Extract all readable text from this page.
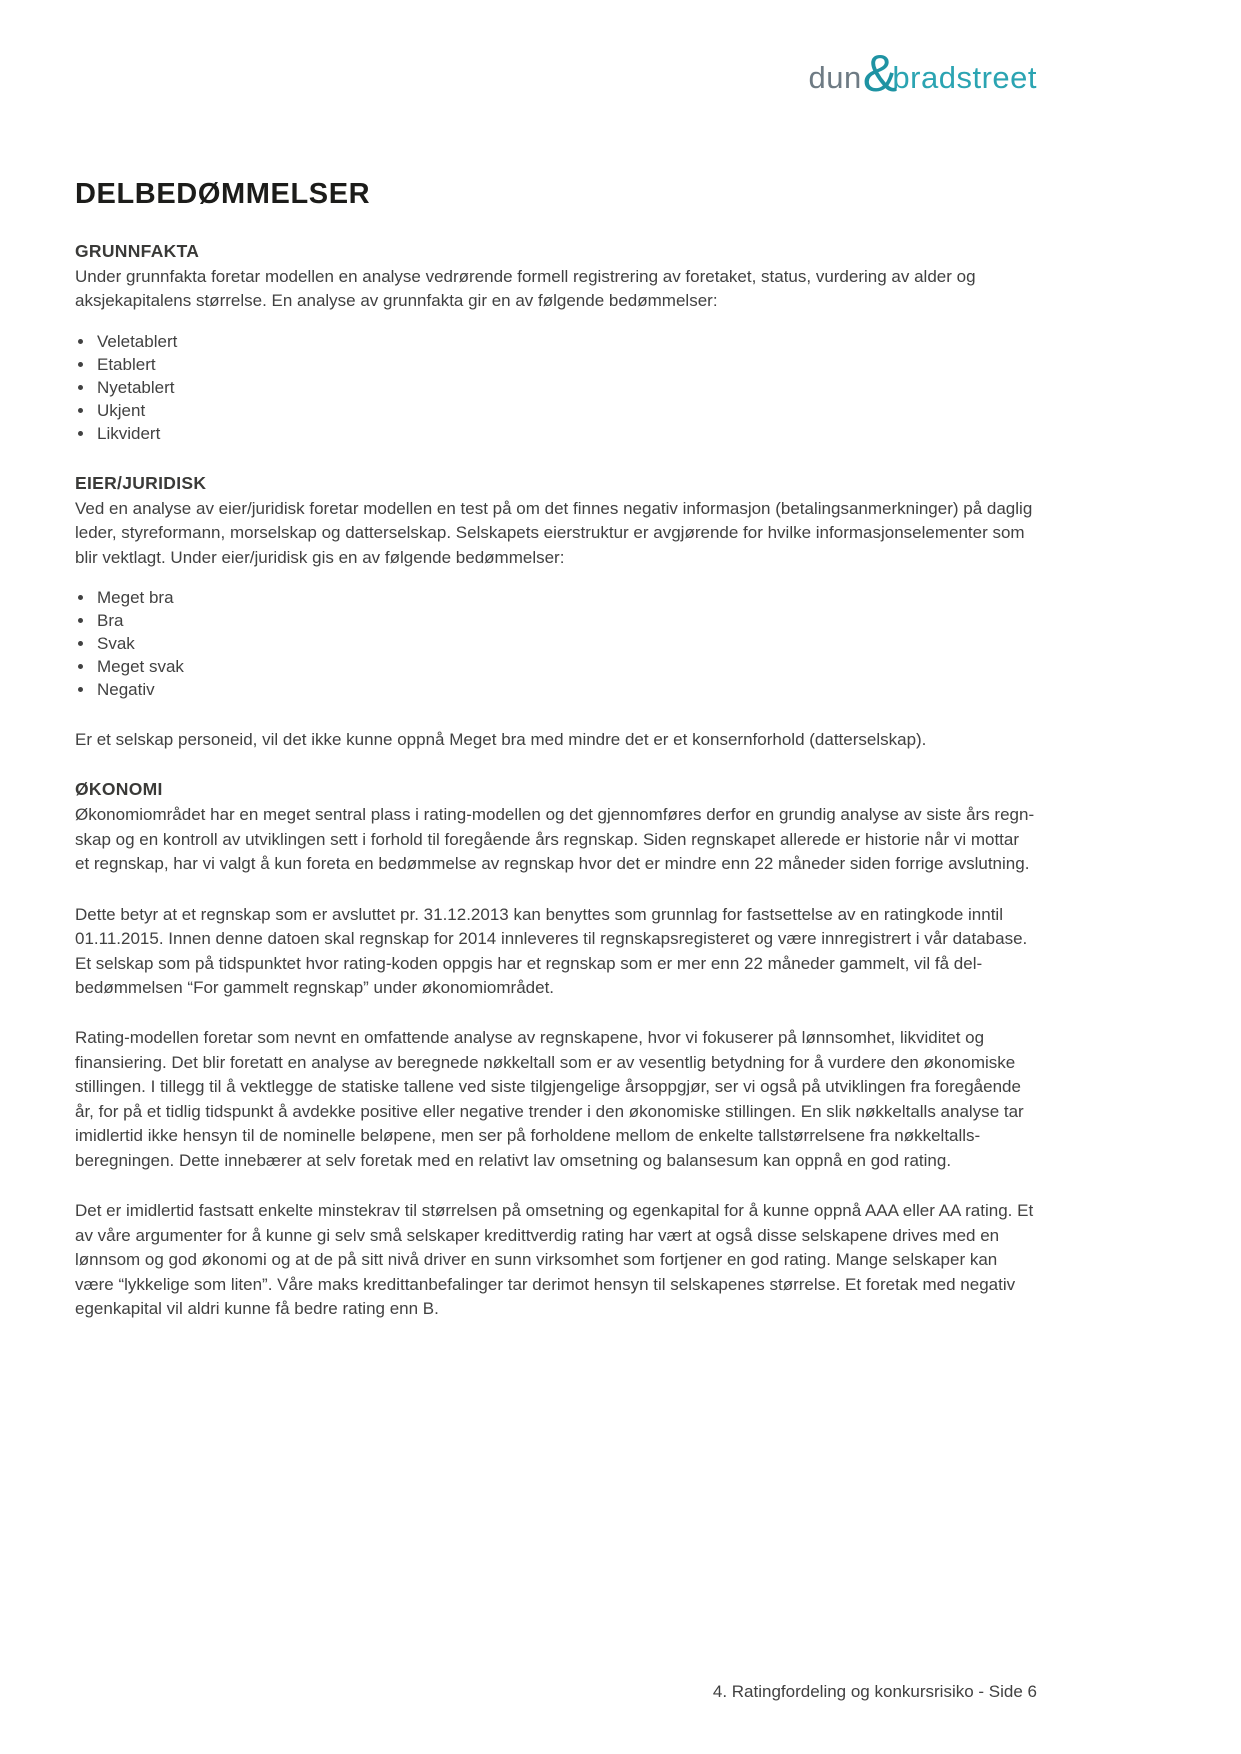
dun &
bradstreet
DELBEDØMMELSER
GRUNNFAKTA

Under grunnfakta foretar modellen en analyse vedrørende formell registrering av foretaket, status, vurdering av alder og aksjekapitalens størrelse. En analyse av grunnfakta gir en av følgende bedømmelser:

• Veletablert
• Etablert
• Nyetablert
• Ukjent
• Likvidert
EIER/JURIDISK

Ved en analyse av eier/juridisk foretar modellen en test på om det finnes negativ informasjon (betalingsanmerkninger) på daglig leder, styreformann, morselskap og datterselskap. Selskapets eierstruktur er avgjørende for hvilke informasjonselementer som blir vektlagt. Under eier/juridisk gis en av følgende bedømmelser:

• Meget bra
• Bra
• Svak
• Meget svak
• Negativ

Er et selskap personeid, vil det ikke kunne oppnå Meget bra med mindre det er et konsernforhold (datterselskap).

ØKONOMI

Økonomiområdet har en meget sentral plass i rating-modellen og det gjennomføres derfor en grundig analyse av siste års regn- skap og en kontroll av utviklingen sett i forhold til foregående års regnskap. Siden regnskapet allerede er historie når vi mottar et regnskap, har vi valgt å kun foreta en bedømmelse av regnskap hvor det er mindre enn 22 måneder siden forrige avslutning.

Dette betyr at et regnskap som er avsluttet pr. 31.12.2013 kan benyttes som grunnlag for fastsettelse av en ratingkode inntil 01.11.2015. Innen denne datoen skal regnskap for 2014 innleveres til regnskapsregisteret og være innregistrert i vår database. Et selskap som på tidspunktet hvor rating-koden oppgis har et regnskap som er mer enn 22 måneder gammelt, vil få del- bedømmelsen “For gammelt regnskap” under økonomiområdet.

Rating-modellen foretar som nevnt en omfattende analyse av regnskapene, hvor vi fokuserer på lønnsomhet, likviditet og finansiering. Det blir foretatt en analyse av beregnede nøkkeltall som er av vesentlig betydning for å vurdere den økonomiske stillingen. I tillegg til å vektlegge de statiske tallene ved siste tilgjengelige årsoppgjør, ser vi også på utviklingen fra foregående år, for på et tidlig tidspunkt å avdekke positive eller negative trender i den økonomiske stillingen. En slik nøkkeltalls analyse tar imidlertid ikke hensyn til de nominelle beløpene, men ser på forholdene mellom de enkelte tallstørrelsene fra nøkkeltalls- beregningen. Dette innebærer at selv foretak med en relativt lav omsetning og balansesum kan oppnå en god rating.

Det er imidlertid fastsatt enkelte minstekrav til størrelsen på omsetning og egenkapital for å kunne oppnå AAA eller AA rating. Et av våre argumenter for å kunne gi selv små selskaper kredittverdig rating har vært at også disse selskapene drives med en lønnsom og god økonomi og at de på sitt nivå driver en sunn virksomhet som fortjener en god rating. Mange selskaper kan være “lykkelige som liten”. Våre maks kredittanbefalinger tar derimot hensyn til selskapenes størrelse. Et foretak med negativ egenkapital vil aldri kunne få bedre rating enn B.

4. Ratingfordeling og konkursrisiko - Side 6
